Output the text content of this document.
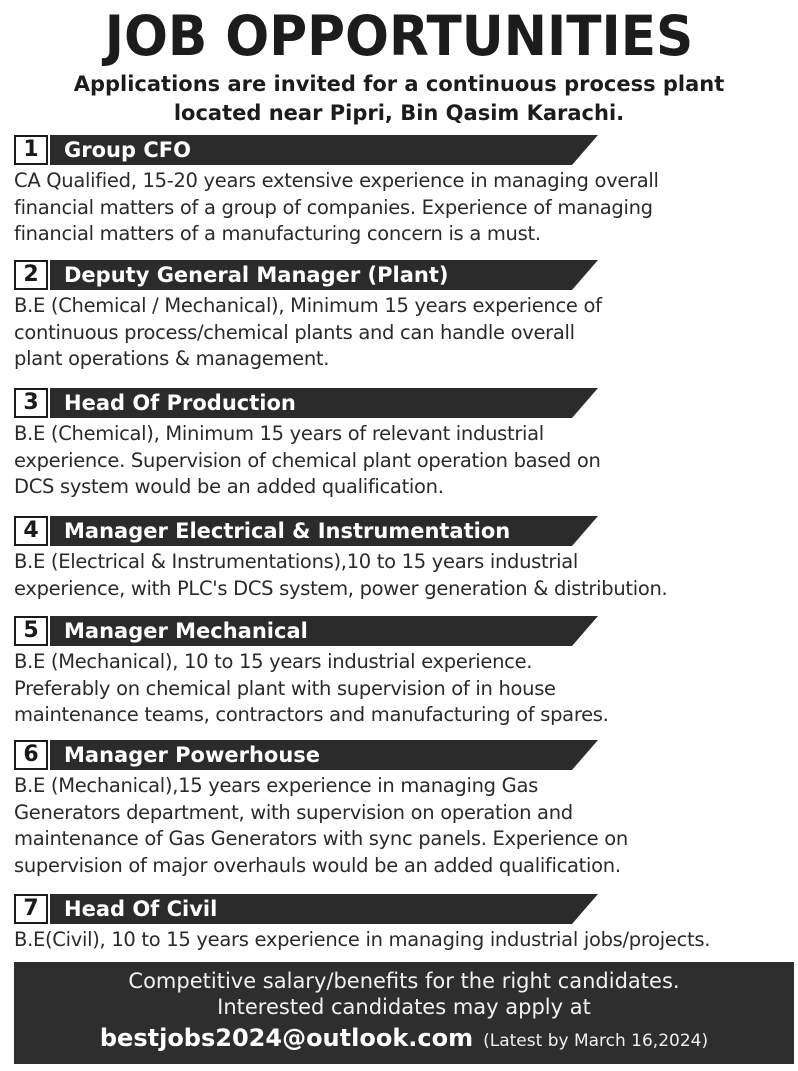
JOB OPPORTUNITIES
Applications are invited for a continuous process plant
located near Pipri, Bin Qasim Karachi.
1	Group CFO
CA Qualified, 15-20 years extensive experience in managing overall
financial matters of a group of companies. Experience of managing
financial matters of a manufacturing concern is a must.
2	Deputy General Manager (Plant)
B.E (Chemical / Mechanical), Minimum 15 years experience of
continuous process/chemical plants and can handle overall
plant operations & management.
3	Head Of Production
B.E (Chemical), Minimum 15 years of relevant industrial
experience. Supervision of chemical plant operation based on
DCS system would be an added qualification.
4	Manager Electrical & Instrumentation
B.E (Electrical & Instrumentations),10 to 15 years industrial
experience, with PLC's DCS system, power generation & distribution.
5	Manager Mechanical
B.E (Mechanical), 10 to 15 years industrial experience.
Preferably on chemical plant with supervision of in house
maintenance teams, contractors and manufacturing of spares.
6	Manager Powerhouse
B.E (Mechanical),15 years experience in managing Gas
Generators department, with supervision on operation and
maintenance of Gas Generators with sync panels. Experience on
supervision of major overhauls would be an added qualification.
7	Head Of Civil
B.E(Civil), 10 to 15 years experience in managing industrial jobs/projects.
Competitive salary/benefits for the right candidates.
Interested candidates may apply at
bestjobs2024@outlook.com (Latest by March 16,2024)
